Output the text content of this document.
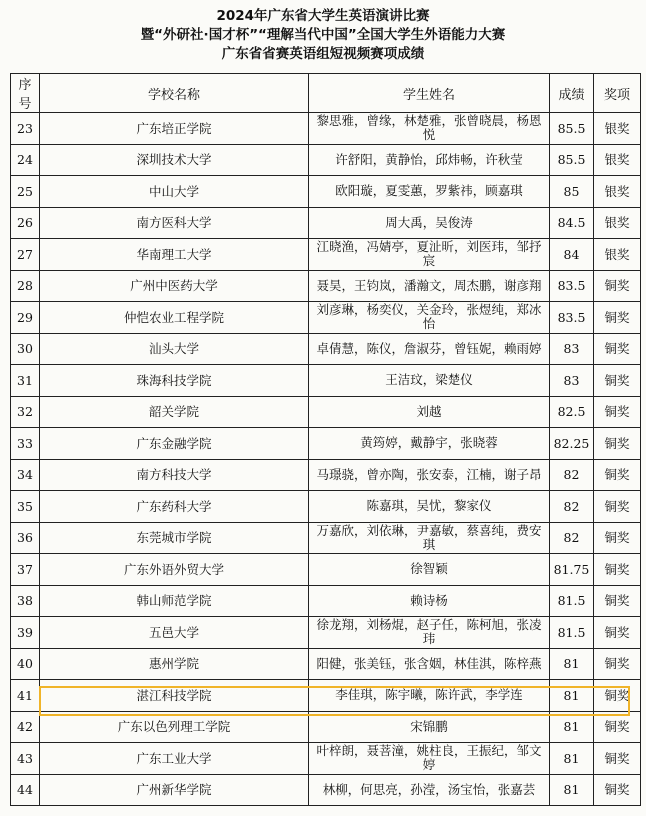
2024年广东省大学生英语演讲比赛
暨“外研社·国才杯”“理解当代中国”全国大学生外语能力大赛
广东省省赛英语组短视频赛项成绩
序号	学校名称	学生姓名	成绩	奖项
23	广东培正学院	黎思雅，曾缘，林楚雅，张曾晓晨，杨恩悦	85.5	银奖
24	深圳技术大学	许舒阳，黄静怡，邱炜畅，许秋莹	85.5	银奖
25	中山大学	欧阳璇，夏雯蕙，罗紫祎，顾嘉琪	85	银奖
26	南方医科大学	周大禹，吴俊涛	84.5	银奖
27	华南理工大学	江晓渔，冯婧亭，夏沚昕，刘医玮，邹抒宸	84	银奖
28	广州中医药大学	聂昊，王钧岚，潘瀚文，周杰鹏，谢彦翔	83.5	铜奖
29	仲恺农业工程学院	刘彦琳，杨奕仪，关金玲，张煜纯，郑冰怡	83.5	铜奖
30	汕头大学	卓倩慧，陈仪，詹淑芬，曾钰妮，赖雨婷	83	铜奖
31	珠海科技学院	王洁玟，梁楚仪	83	铜奖
32	韶关学院	刘越	82.5	铜奖
33	广东金融学院	黄筠婷，戴静宇，张晓蓉	82.25	铜奖
34	南方科技大学	马璟骁，曾亦陶，张安泰，江楠，谢子昂	82	铜奖
35	广东药科大学	陈嘉琪，吴忧，黎家仪	82	铜奖
36	东莞城市学院	万嘉欣，刘依琳，尹嘉敏，蔡喜纯，费安琪	82	铜奖
37	广东外语外贸大学	徐智颖	81.75	铜奖
38	韩山师范学院	赖诗杨	81.5	铜奖
39	五邑大学	徐龙翔，刘杨焜，赵子任，陈柯旭，张凌玮	81.5	铜奖
40	惠州学院	阳健，张美钰，张含姻，林佳淇，陈梓燕	81	铜奖
41	湛江科技学院	李佳琪，陈宇曦，陈许武，李学连	81	铜奖
42	广东以色列理工学院	宋锦鹏	81	铜奖
43	广东工业大学	叶梓朗，聂菩潼，姚柱良，王振纪，邹文婷	81	铜奖
44	广州新华学院	林柳，何思亮，孙滢，汤宝怡，张嘉芸	81	铜奖
